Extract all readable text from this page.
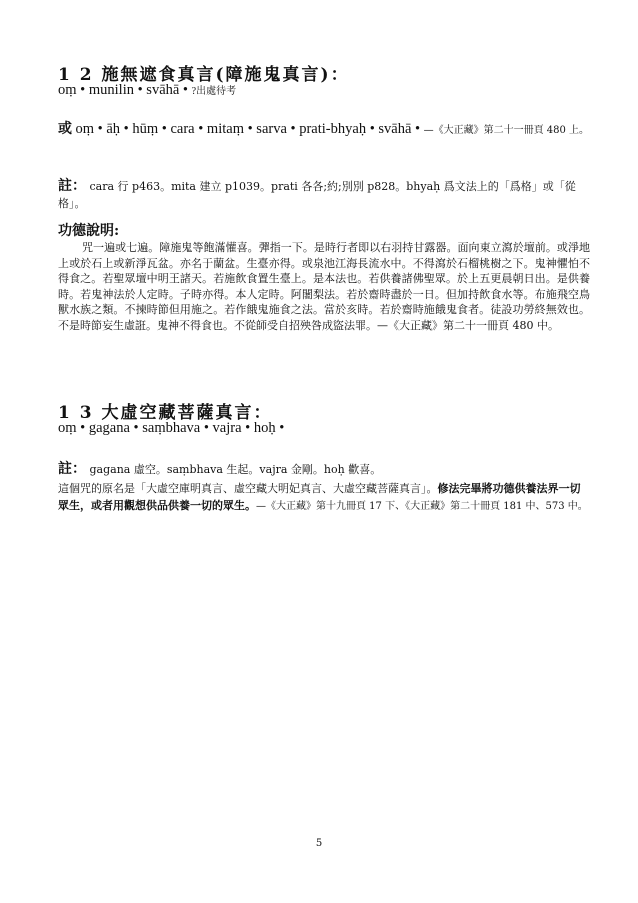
1 2 施無遮食真言(障施鬼真言)：
oṃ • munilin • svāhā • ?出處待考
或 oṃ • āḥ • hūṃ • cara • mitaṃ • sarva • prati-bhyaḥ • svāhā • —《大正藏》第二十一冊頁 480 上。
註： cara 行 p463。mita 建立 p1039。prati 各各;約;別別 p828。bhyaḥ 爲文法上的「爲格」或「從格」。
功德說明:
咒一遍或七遍。障施鬼等飽滿懽喜。彈指一下。是時行者即以右羽持甘露器。面向東立瀉於壇前。或淨地上或於石上或新淨瓦盆。亦名于蘭盆。生臺亦得。或泉池江海長流水中。不得瀉於石榴桃樹之下。鬼神懼怕不得食之。若聖眾壇中明王諸天。若施飲食置生臺上。是本法也。若供養諸佛聖眾。於上五更晨朝日出。是供養時。若鬼神法於人定時。子時亦得。本人定時。阿闍梨法。若於齋時盡於一日。但加持飲食水等。布施飛空鳥獸水族之類。不揀時節但用施之。若作餓鬼施食之法。當於亥時。若於齋時施餓鬼食者。徒設功勞終無效也。不是時節妄生虛誑。鬼神不得食也。不從師受自招殃咎成盜法罪。—《大正藏》第二十一冊頁 480 中。
1 3 大虛空藏菩薩真言：
oṃ • gagana • saṃbhava • vajra • hoḥ •
註： gagana 虛空。saṃbhava 生起。vajra 金剛。hoḥ 歡喜。
這個咒的原名是「大虛空庫明真言、虛空藏大明妃真言、大虛空藏菩薩真言」。修法完畢將功德供養法界一切眾生，或者用觀想供品供養一切的眾生。—《大正藏》第十九冊頁 17 下、《大正藏》第二十冊頁 181 中、573 中。
5
